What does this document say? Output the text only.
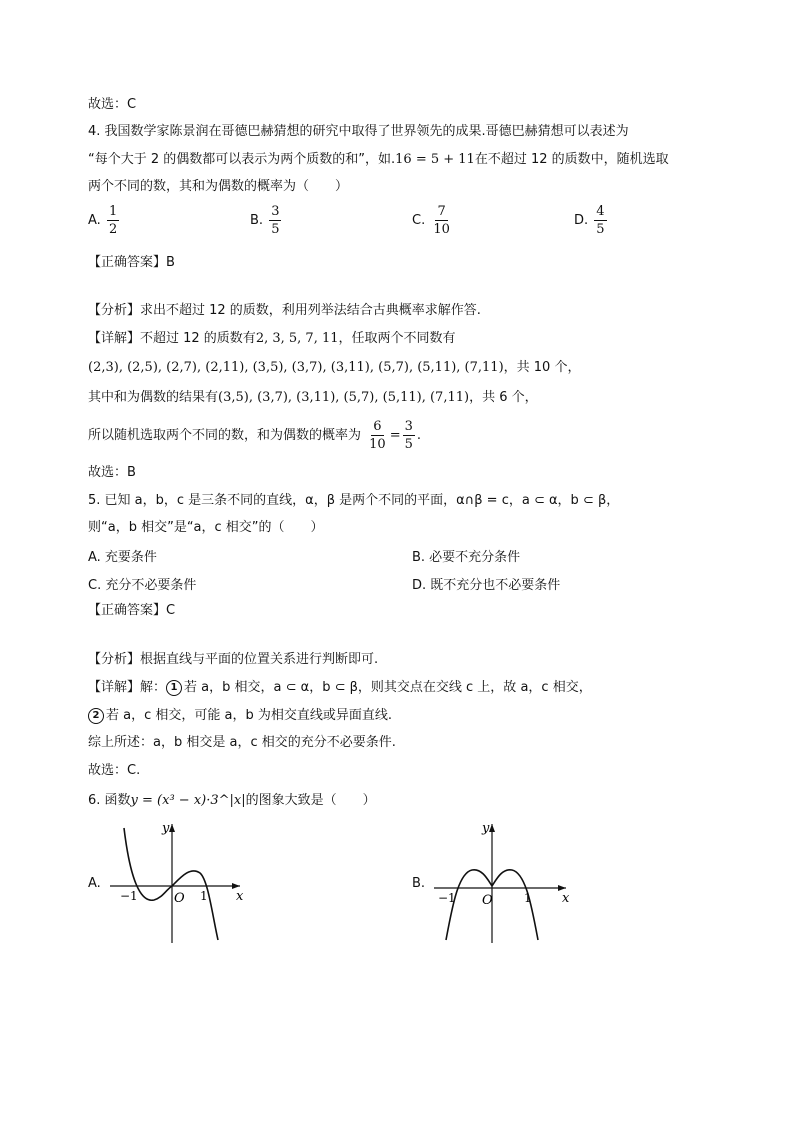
故选：C
4. 我国数学家陈景润在哥德巴赫猜想的研究中取得了世界领先的成果.哥德巴赫猜想可以表述为
“每个大于 2 的偶数都可以表示为两个质数的和”，如.16 = 5 + 11在不超过 12 的质数中，随机选取
两个不同的数，其和为偶数的概率为（　　）
A. $\frac{1}{2}$	B. $\frac{3}{5}$	C. $\frac{7}{10}$	D. $\frac{4}{5}$
【正确答案】B
【分析】求出不超过 12 的质数，利用列举法结合古典概率求解作答.
【详解】不超过 12 的质数有2, 3, 5, 7, 11，任取两个不同数有
(2,3), (2,5), (2,7), (2,11), (3,5), (3,7), (3,11), (5,7), (5,11), (7,11)，共 10 个，
其中和为偶数的结果有(3,5), (3,7), (3,11), (5,7), (5,11), (7,11)，共 6 个，
所以随机选取两个不同的数，和为偶数的概率为 $\frac{6}{10} = \frac{3}{5}$ .
故选：B
5. 已知 a，b，c 是三条不同的直线，α，β 是两个不同的平面，α∩β = c，a ⊂ α，b ⊂ β，
则“a，b 相交”是“a，c 相交”的（　　）
A. 充要条件	B. 必要不充分条件
C. 充分不必要条件	D. 既不充分也不必要条件
【正确答案】C
【分析】根据直线与平面的位置关系进行判断即可.
【详解】解： 1 若 a，b 相交，a ⊂ α，b ⊂ β，则其交点在交线 c 上，故 a，c 相交，
2 若 a，c 相交，可能 a，b 为相交直线或异面直线.
综上所述：a，b 相交是 a，c 相交的充分不必要条件.
故选：C.
6. 函数y = (x³ − x)·3^|x|的图象大致是（　　）
A.
y
x
O
−1	1
B.
y
x
O
−1	1
